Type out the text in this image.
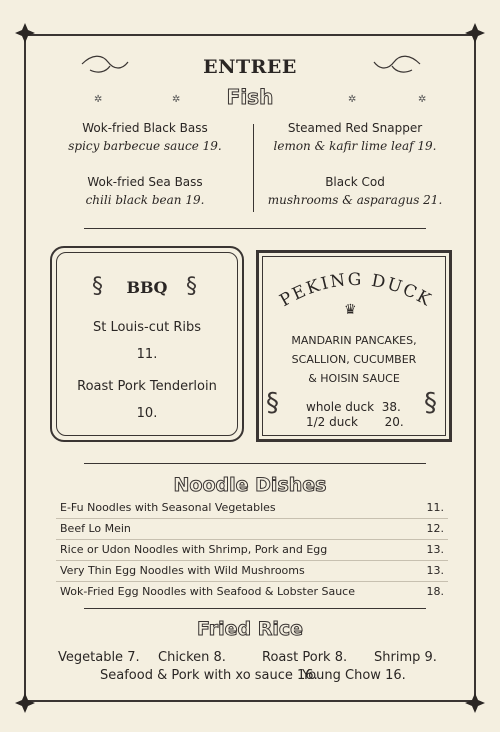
ENTREE
Fish
✲	✲	✲	✲
Wok-fried Black Bass
spicy barbecue sauce 19.
Steamed Red Snapper
lemon & kafir lime leaf 19.
Wok-fried Sea Bass
chili black bean 19.
Black Cod
mushrooms & asparagus 21.
§	§
BBQ
St Louis-cut Ribs
11.
Roast Pork Tenderloin
10.
PEKING DUCK
♛
MANDARIN PANCAKES,
SCALLION, CUCUMBER
& HOISIN SAUCE
§	§
whole duck  38.
1/2 duck       20.
Noodle Dishes
E-Fu Noodles with Seasonal Vegetables	11.
Beef Lo Mein	12.
Rice or Udon Noodles with Shrimp, Pork and Egg	13.
Very Thin Egg Noodles with Wild Mushrooms	13.
Wok-Fried Egg Noodles with Seafood & Lobster Sauce	18.
Fried Rice
Vegetable 7. Chicken 8.	Roast Pork 8. Shrimp 9.
Seafood & Pork with xo sauce 16.
Young Chow 16.
